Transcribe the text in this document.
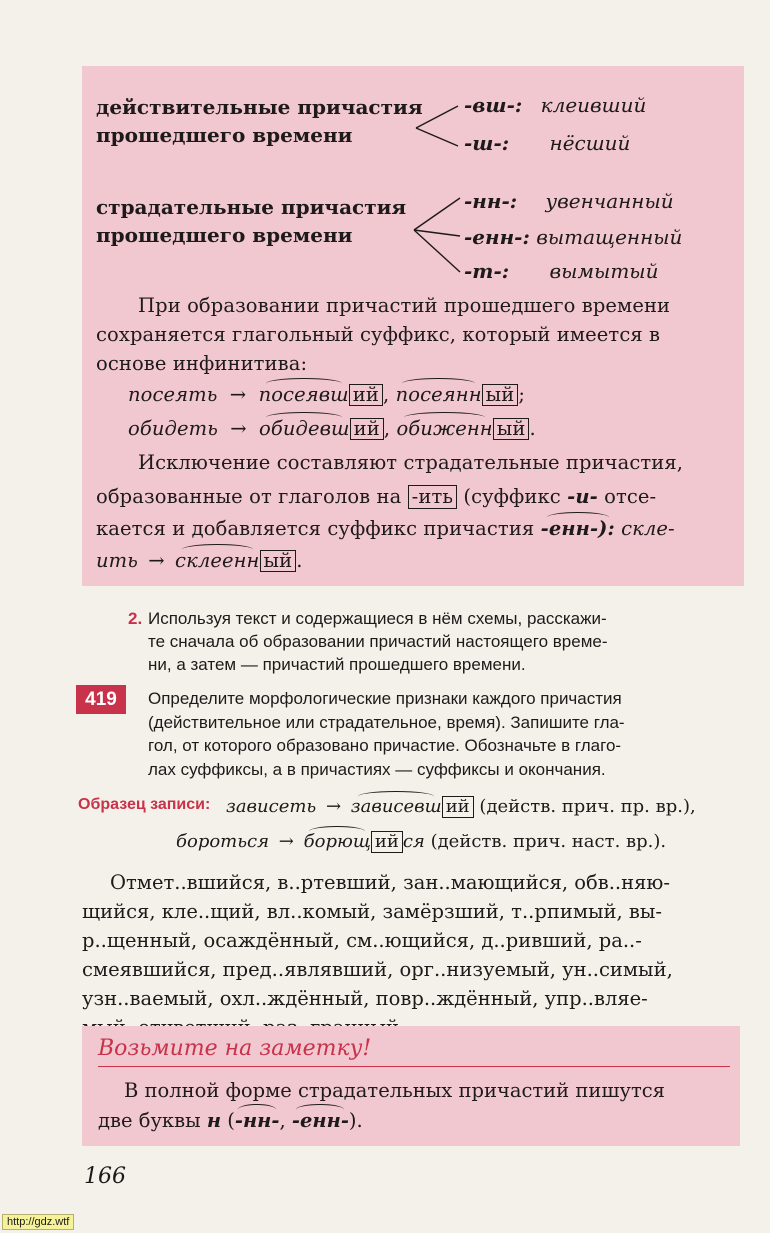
действительные причастия
прошедшего времени
-вш-: клеивший
-ш-: нёсший
страдательные причастия
прошедшего времени
-нн-: увенчанный
-енн-: вытащенный
-т-: вымытый

При образовании причастий прошедшего времени

сохраняется глагольный суффикс, который имеется в

основе инфинитива:

посеять → посеявш ий , посеянн ый ;
обидеть → обидевш ий , обиженн ый .

Исключение составляют страдательные причастия,

образованные от глаголов на -ить (суффикс -и- отсе-

кается и добавляется суффикс причастия -енн-): скле-

ить → склеенн ый .

2. Используя текст и содержащиеся в нём схемы, расскажи-
те сначала об образовании причастий настоящего време-
ни, а затем — причастий прошедшего времени.
419	Определите морфологические признаки каждого причастия
(действительное или страдательное, время). Запишите гла-
гол, от которого образовано причастие. Обозначьте в глаго-
лах суффиксы, а в причастиях — суффиксы и окончания.
Образец записи: зависеть → зависевш ий (действ. прич. пр. вр.),
бороться → борющ ий ся (действ. прич. наст. вр.).

Отмет..вшийся, в..ртевший, зан..мающийся, обв..няю-

щийся, кле..щий, вл..комый, замёрзший, т..рпимый, вы-

р..щенный, осаждённый, см..ющийся, д..ривший, ра..-

смеявшийся, пред..являвший, орг..низуемый, ун..симый,

узн..ваемый, охл..ждённый, повр..ждённый, упр..вляе-

Возьмите на заметку!

В полной форме страдательных причастий пишутся

две буквы н (-нн-, -енн-).

166
http://gdz.wtf
